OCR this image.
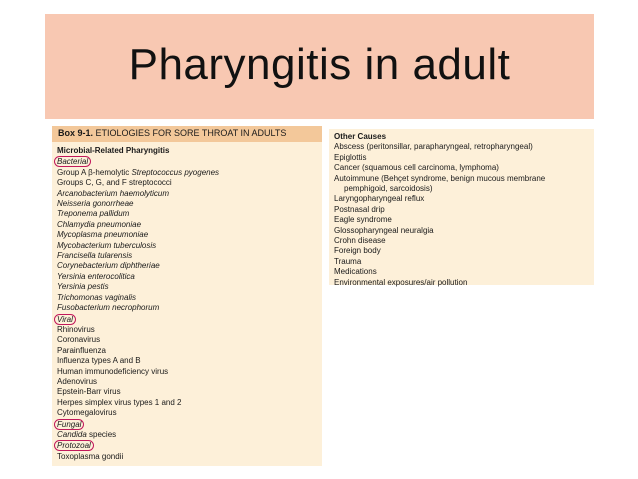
Pharyngitis in adult
Box 9-1. ETIOLOGIES FOR SORE THROAT IN ADULTS
Microbial-Related Pharyngitis
Bacterial
Group A β-hemolytic Streptococcus pyogenes
Groups C, G, and F streptococci
Arcanobacterium haemolyticum
Neisseria gonorrheae
Treponema pallidum
Chlamydia pneumoniae
Mycoplasma pneumoniae
Mycobacterium tuberculosis
Francisella tularensis
Corynebacterium diphtheriae
Yersinia enterocolitica
Yersinia pestis
Trichomonas vaginalis
Fusobacterium necrophorum
Viral
Rhinovirus
Coronavirus
Parainfluenza
Influenza types A and B
Human immunodeficiency virus
Adenovirus
Epstein-Barr virus
Herpes simplex virus types 1 and 2
Cytomegalovirus
Fungal
Candida species
Protozoal
Toxoplasma gondii
Other Causes
Abscess (peritonsillar, parapharyngeal, retropharyngeal)
Epiglottis
Cancer (squamous cell carcinoma, lymphoma)
Autoimmune (Behçet syndrome, benign mucous membrane
pemphigoid, sarcoidosis)
Laryngopharyngeal reflux
Postnasal drip
Eagle syndrome
Glossopharyngeal neuralgia
Crohn disease
Foreign body
Trauma
Medications
Environmental exposures/air pollution
